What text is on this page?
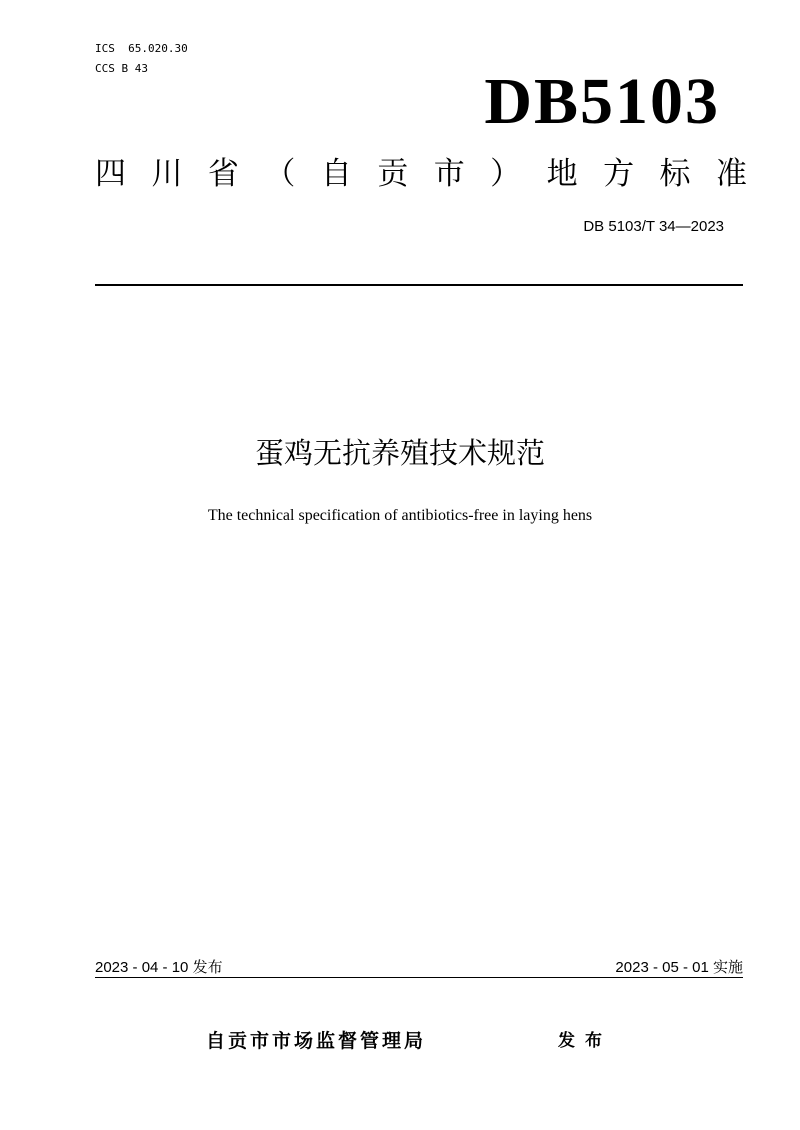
ICS  65.020.30
CCS B 43	DB5103
四 川 省 （ 自 贡 市 ） 地 方 标 准
DB 5103/T 34—2023
蛋鸡无抗养殖技术规范
The technical specification of antibiotics-free in laying hens
2023 - 04 - 10 发布	2023 - 05 - 01 实施
自贡市市场监督管理局	发布
